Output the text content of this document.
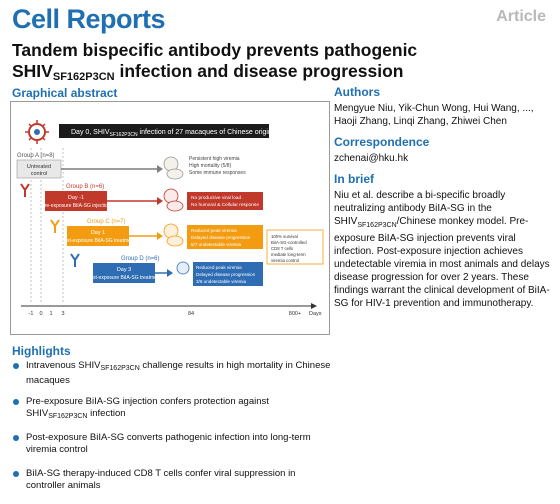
Cell Reports	Article
Tandem bispecific antibody prevents pathogenic
$SHIV_{SF162P3CN}$ infection and disease progression
Graphical abstract
Day 0, $SHIV_{SF162P3CN}$ infection of 27 macaques of Chinese origin
Group A (n=8)
Untreated
control
Persistent high viremia
High mortality (5/8)
Some immune responses
Group B (n=6)
Day -1
Pre-exposure BiIA-SG injection
No productive viral load
No humoral & Cellular response
Group C (n=7)
Day 1
Post-exposure BiIA-SG treatment
Reduced peak viremia
Delayed disease progression
5/7 undetectable viremia
100% survival
BiIA-SG-controlled
CD8 T cells
mediate long-term
viremia control
Group D (n=6)
Day 3
Post-exposure BiIA-SG treatment
Reduced peak viremia
Delayed disease progression
3/6 undetectable viremia
-1 0 1 3	84	800+ Days
Authors

Mengyue Niu, Yik-Chun Wong, Hui Wang, ..., Haoji Zhang, Linqi Zhang, Zhiwei Chen

Correspondence

zchenai@hku.hk

In brief

Niu et al. describe a bi-specific broadly neutralizing antibody BiIA-SG in the $SHIV_{SF162P3CN}$/Chinese monkey model. Pre-exposure BiIA-SG injection prevents viral infection. Post-exposure injection achieves undetectable viremia in most animals and delays disease progression for over 2 years. These findings warrant the clinical development of BiIA-SG for HIV-1 prevention and immunotherapy.

Highlights
Intravenous $SHIV_{SF162P3CN}$ challenge results in high mortality in Chinese macaques
Pre-exposure BiIA-SG injection confers protection against $SHIV_{SF162P3CN}$ infection
Post-exposure BiIA-SG converts pathogenic infection into long-term viremia control
BiIA-SG therapy-induced CD8 T cells confer viral suppression in controller animals
